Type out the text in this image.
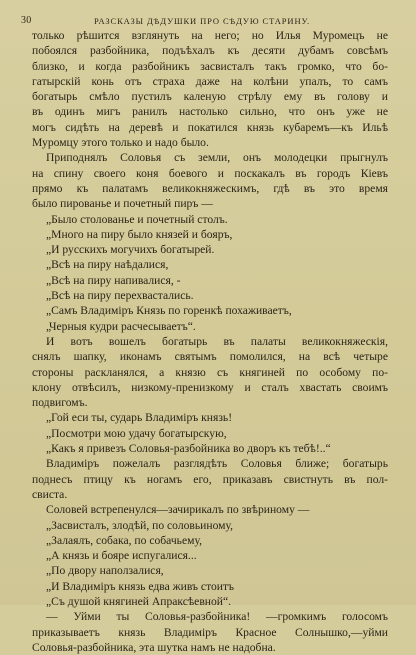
30	РАЗСКАЗЫ ДѢДУШКИ ПРО СѢДУЮ СТАРИНУ.
только рѣшится взглянуть на него; но Илья Муромецъ не
побоялся разбойника, подъѣхалъ къ десяти дубамъ совсѣмъ
близко, и когда разбойникъ засвисталъ такъ громко, что бо-
гатырскій конь отъ страха даже на колѣни упалъ, то самъ
богатырь смѣло пустилъ каленую стрѣлу ему въ голову и
въ одинъ мигъ ранилъ настолько сильно, что онъ уже не
могъ сидѣть на деревѣ и покатился князь кубаремъ—къ Ильѣ
Муромцу этого только и надо было.
Приподнялъ Соловья съ земли, онъ молодецки прыгнулъ
на спину своего коня боевого и поскакалъ въ городъ Кіевъ
прямо къ палатамъ великокняжескимъ, гдѣ въ это время
было пированье и почетный пиръ —
„Было столованье и почетный столъ.
„Много на пиру было князей и бояръ,
„И русскихъ могучихъ богатырей.
„Всѣ на пиру наѣдалися,
„Всѣ на пиру напивалися, -
„Всѣ на пиру перехвастались.
„Самъ Владиміръ Князь по горенкѣ похаживаетъ,
„Черныя кудри расчесываетъ“.
И вотъ вошелъ богатырь въ палаты великокняжескія,
снялъ шапку, иконамъ святымъ помолился, на всѣ четыре
стороны раскланялся, а князю съ княгиней по особому по-
клону отвѣсилъ, низкому-пренизкому и сталъ хвастать своимъ
подвигомъ.
„Гой еси ты, сударь Владиміръ князь!
„Посмотри мою удачу богатырскую,
„Какъ я привезъ Соловья-разбойника во дворъ къ тебѣ!..“
Владиміръ пожелалъ разглядѣть Соловья ближе; богатырь
поднесъ птицу къ ногамъ его, приказавъ свистнуть въ пол-
свиста.
Соловей встрепенулся—зачирикалъ по звѣриному —
„Засвисталъ, злодѣй, по соловьиному,
„Залаялъ, собака, по собачьему,
„А князь и бояре испугалися...
„По двору наползалися,
„И Владиміръ князь едва живъ стоитъ
„Съ душой княгиней Апраксѣевной“.
— Уйми ты Соловья-разбойника! —громкимъ голосомъ
приказываетъ князь Владиміръ Красное Солнышко,—уйми
Соловья-разбойника, эта шутка намъ не надобна.
